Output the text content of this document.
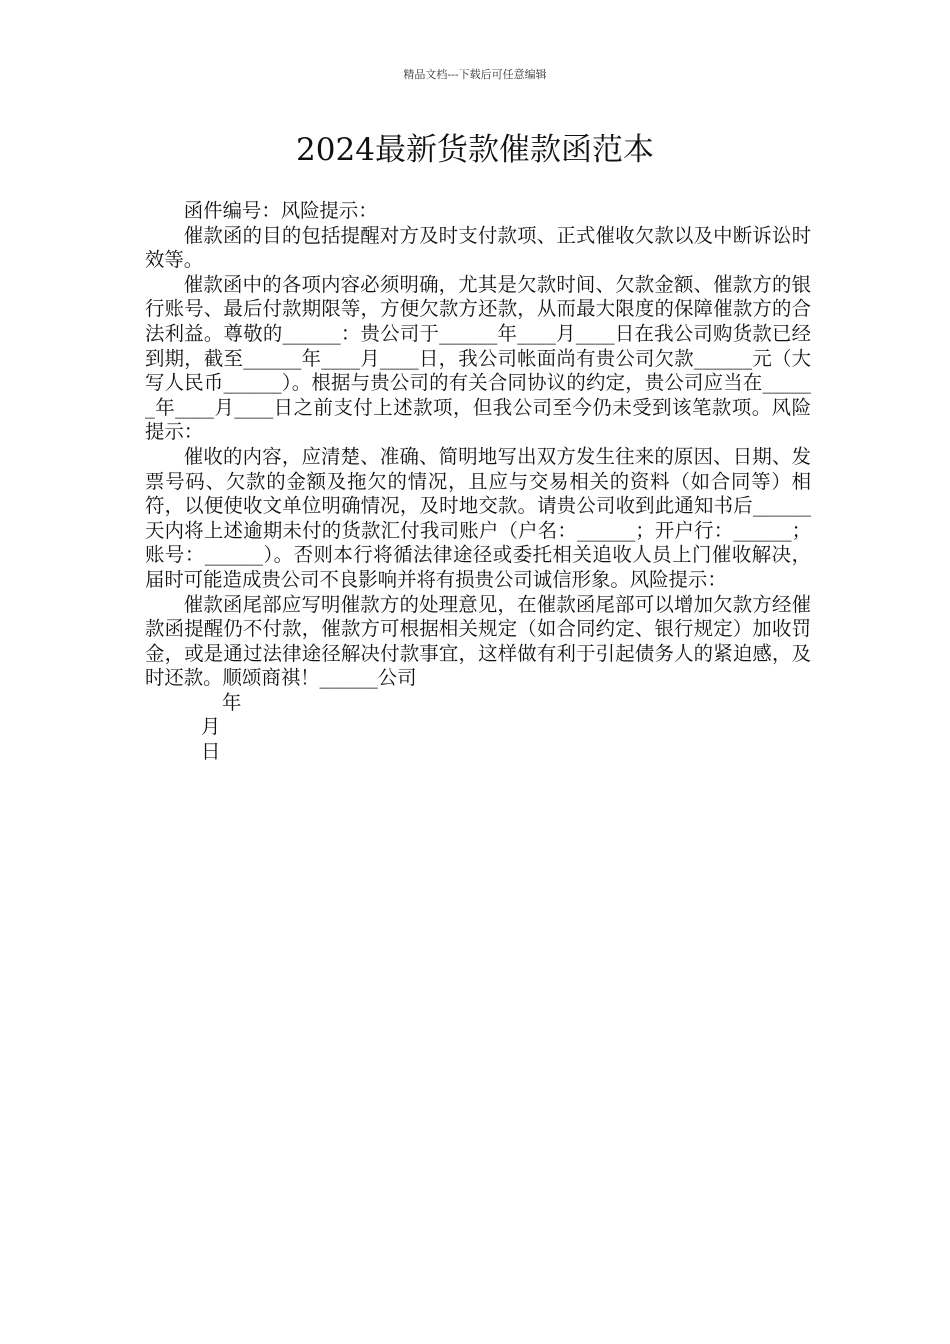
精品文档---下载后可任意编辑
2024最新货款催款函范本

函件编号：风险提示：

催款函的目的包括提醒对方及时支付款项、正式催收欠款以及中断诉讼时效等。

催款函中的各项内容必须明确，尤其是欠款时间、欠款金额、催款方的银行账号、最后付款期限等，方便欠款方还款，从而最大限度的保障催款方的合法利益。尊敬的______：贵公司于______年____月____日在我公司购货款已经到期，截至______年____月____日，我公司帐面尚有贵公司欠款______元（大写人民币______）。根据与贵公司的有关合同协议的约定，贵公司应当在______年____月____日之前支付上述款项，但我公司至今仍未受到该笔款项。风险提示：

催收的内容，应清楚、准确、简明地写出双方发生往来的原因、日期、发票号码、欠款的金额及拖欠的情况，且应与交易相关的资料（如合同等）相符，以便使收文单位明确情况，及时地交款。请贵公司收到此通知书后______天内将上述逾期未付的货款汇付我司账户（户名：______；开户行：______；账号：______）。否则本行将循法律途径或委托相关追收人员上门催收解决，届时可能造成贵公司不良影响并将有损贵公司诚信形象。风险提示：

催款函尾部应写明催款方的处理意见，在催款函尾部可以增加欠款方经催款函提醒仍不付款，催款方可根据相关规定（如合同约定、银行规定）加收罚金，或是通过法律途径解决付款事宜，这样做有利于引起债务人的紧迫感，及时还款。顺颂商祺！______公司

年
月
日
